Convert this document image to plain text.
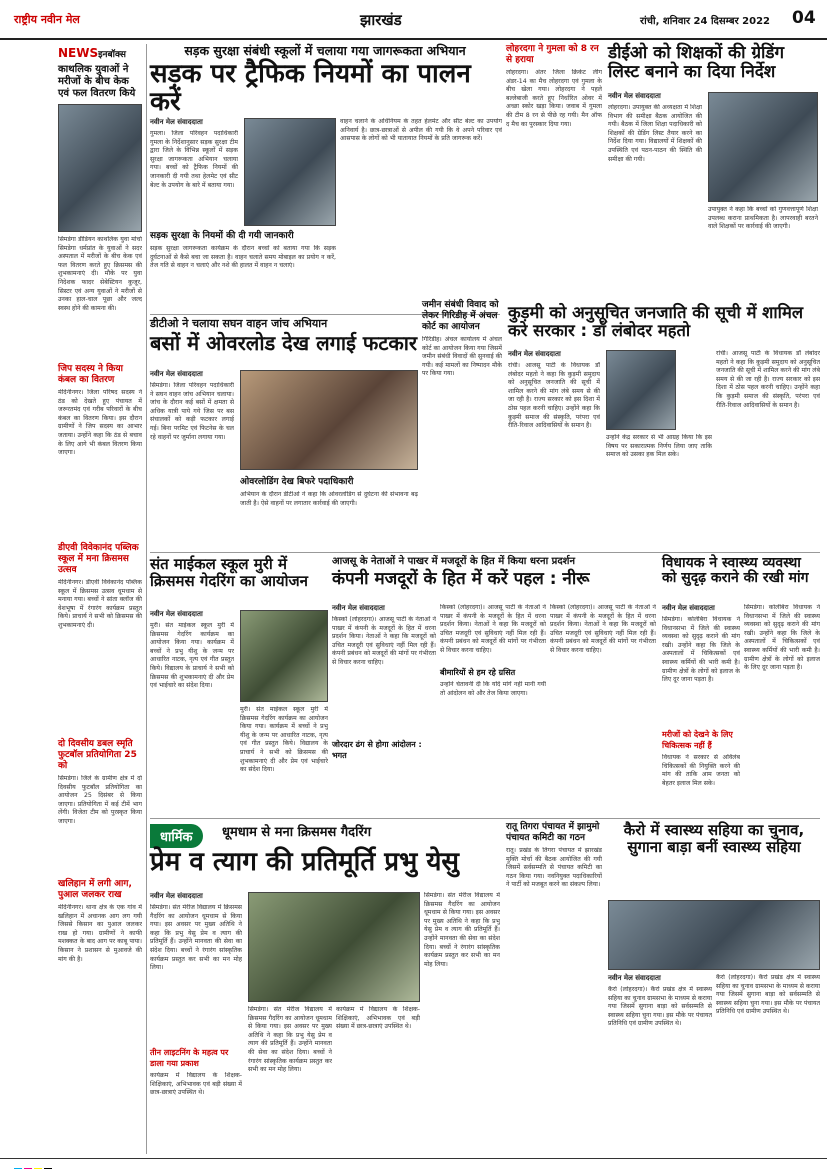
राष्ट्रीय नवीन मेल	झारखंड	रांची, शनिवार 24 दिसम्बर 2022 04
NEWSइनबॉक्स
काथलिक युवाओं ने मरीजों के बीच केक एवं फल वितरण किये
सिमडेगा डीडियन काथलिक युवा मोर्चा सिमडेगा धर्मप्रांत के युवाओं ने सदर अस्पताल में मरीजों के बीच केक एवं फल वितरण करते हुए क्रिसमस की शुभकामनाएं दी। मौके पर युवा निदेशक फादर सेबेस्टियन कुजूर, सिस्टर एवं अन्य युवाओं ने मरीजों से उनका हाल-चाल पूछा और जल्द स्वस्थ होने की कामना की।
जिप सदस्य ने किया कंबल का वितरण
मेदिनीनगर। जिला परिषद सदस्य ने ठंड को देखते हुए पंचायत में जरूरतमंद एवं गरीब परिवारों के बीच कंबल का वितरण किया। इस दौरान ग्रामीणों ने जिप सदस्य का आभार जताया। उन्होंने कहा कि ठंड से बचाव के लिए आगे भी कंबल वितरण किया जाएगा।
डीएवी विवेकानंद पब्लिक स्कूल में मना क्रिसमस उत्सव
मेदिनीनगर। डीएवी विवेकानंद पब्लिक स्कूल में क्रिसमस उत्सव धूमधाम से मनाया गया। बच्चों ने सांता क्लॉज की वेशभूषा में रंगारंग कार्यक्रम प्रस्तुत किये। प्राचार्य ने सभी को क्रिसमस की शुभकामनाएं दी।
दो दिवसीय डबल स्मृति फुटबॉल प्रतियोगिता 25 को
सिमडेगा। जिले के ग्रामीण क्षेत्र में दो दिवसीय फुटबॉल प्रतियोगिता का आयोजन 25 दिसंबर से किया जाएगा। प्रतियोगिता में कई टीमें भाग लेंगी। विजेता टीम को पुरस्कृत किया जाएगा।
खलिहान में लगी आग, पुआल जलकर राख
मेदिनीनगर। थाना क्षेत्र के एक गांव में खलिहान में अचानक आग लग गयी जिससे किसान का पुआल जलकर राख हो गया। ग्रामीणों ने काफी मशक्कत के बाद आग पर काबू पाया। किसान ने प्रशासन से मुआवजे की मांग की है।
सड़क सुरक्षा संबंधी स्कूलों में चलाया गया जागरूकता अभियान
सड़क पर ट्रैफिक नियमों का पालन करें
नवीन मेल संवाददाता
गुमला। जिला परिवहन पदाधिकारी गुमला के निर्देशानुसार सड़क सुरक्षा टीम द्वारा जिले के विभिन्न स्कूलों में सड़क सुरक्षा जागरूकता अभियान चलाया गया। बच्चों को ट्रैफिक नियमों की जानकारी दी गयी तथा हेलमेट एवं सीट बेल्ट के उपयोग के बारे में बताया गया।
सड़क सुरक्षा के नियमों की दी गयी जानकारी
सड़क सुरक्षा जागरूकता कार्यक्रम के दौरान बच्चों को बताया गया कि सड़क दुर्घटनाओं से कैसे बचा जा सकता है। वाहन चलाते समय मोबाइल का प्रयोग न करें, तेज गति से वाहन न चलाएं और नशे की हालत में वाहन न चलाएं।
वाहन चलाने के अधिनियम के तहत हेलमेट और सीट बेल्ट का उपयोग अनिवार्य है। छात्र-छात्राओं से अपील की गयी कि वे अपने परिवार एवं आसपास के लोगों को भी यातायात नियमों के प्रति जागरूक करें।
लोहरदगा ने गुमला को 8 रन से हराया
लोहरदगा। अंतर जिला क्रिकेट लीग अंडर-14 का मैच लोहरदगा एवं गुमला के बीच खेला गया। लोहरदगा ने पहले बल्लेबाजी करते हुए निर्धारित ओवर में अच्छा स्कोर खड़ा किया। जवाब में गुमला की टीम 8 रन से पीछे रह गयी। मैन ऑफ द मैच का पुरस्कार दिया गया।
डीईओ को शिक्षकों की ग्रेडिंग लिस्ट बनाने का दिया निर्देश
नवीन मेल संवाददाता
लोहरदगा। उपायुक्त की अध्यक्षता में शिक्षा विभाग की समीक्षा बैठक आयोजित की गयी। बैठक में जिला शिक्षा पदाधिकारी को शिक्षकों की ग्रेडिंग लिस्ट तैयार करने का निर्देश दिया गया। विद्यालयों में शिक्षकों की उपस्थिति एवं पठन-पाठन की स्थिति की समीक्षा की गयी।
उपायुक्त ने कहा कि बच्चों को गुणवत्तापूर्ण शिक्षा उपलब्ध कराना प्राथमिकता है। लापरवाही बरतने वाले शिक्षकों पर कार्रवाई की जाएगी।
डीटीओ ने चलाया सघन वाहन जांच अभियान
बसों में ओवरलोड देख लगाई फटकार
नवीन मेल संवाददाता
सिमडेगा। जिला परिवहन पदाधिकारी ने सघन वाहन जांच अभियान चलाया। जांच के दौरान कई बसों में क्षमता से अधिक यात्री पाये गये जिस पर बस संचालकों को कड़ी फटकार लगाई गई। बिना परमिट एवं फिटनेस के चल रहे वाहनों पर जुर्माना लगाया गया।
ओवरलोडिंग देख बिफरे पदाधिकारी
अभियान के दौरान डीटीओ ने कहा कि ओवरलोडिंग से दुर्घटना की संभावना बढ़ जाती है। ऐसे वाहनों पर लगातार कार्रवाई की जाएगी।
जमीन संबंधी विवाद को लेकर गिरिडीह में अंचल कोर्ट का आयोजन
गिरिडीह। अंचल कार्यालय में अंचल कोर्ट का आयोजन किया गया जिसमें जमीन संबंधी विवादों की सुनवाई की गयी। कई मामलों का निष्पादन मौके पर किया गया।
कुड़मी को अनुसूचित जनजाति की सूची में शामिल करे सरकार : डॉ लंबोदर महतो
नवीन मेल संवाददाता
रांची। आजसू पार्टी के विधायक डॉ लंबोदर महतो ने कहा कि कुड़मी समुदाय को अनुसूचित जनजाति की सूची में शामिल करने की मांग लंबे समय से की जा रही है। राज्य सरकार को इस दिशा में ठोस पहल करनी चाहिए। उन्होंने कहा कि कुड़मी समाज की संस्कृति, परंपरा एवं रीति-रिवाज आदिवासियों के समान है।
उन्होंने केंद्र सरकार से भी आग्रह किया कि इस विषय पर सकारात्मक निर्णय लिया जाए ताकि समाज को उसका हक मिल सके।
रांची। आजसू पार्टी के विधायक डॉ लंबोदर महतो ने कहा कि कुड़मी समुदाय को अनुसूचित जनजाति की सूची में शामिल करने की मांग लंबे समय से की जा रही है। राज्य सरकार को इस दिशा में ठोस पहल करनी चाहिए। उन्होंने कहा कि कुड़मी समाज की संस्कृति, परंपरा एवं रीति-रिवाज आदिवासियों के समान है।
संत माईकल स्कूल मुरी में क्रिसमस गेदरिंग का आयोजन
नवीन मेल संवाददाता
मुरी। संत माईकल स्कूल मुरी में क्रिसमस गेदरिंग कार्यक्रम का आयोजन किया गया। कार्यक्रम में बच्चों ने प्रभु यीशु के जन्म पर आधारित नाटक, नृत्य एवं गीत प्रस्तुत किये। विद्यालय के प्राचार्य ने सभी को क्रिसमस की शुभकामनाएं दी और प्रेम एवं भाईचारे का संदेश दिया।
मुरी। संत माईकल स्कूल मुरी में क्रिसमस गेदरिंग कार्यक्रम का आयोजन किया गया। कार्यक्रम में बच्चों ने प्रभु यीशु के जन्म पर आधारित नाटक, नृत्य एवं गीत प्रस्तुत किये। विद्यालय के प्राचार्य ने सभी को क्रिसमस की शुभकामनाएं दी और प्रेम एवं भाईचारे का संदेश दिया।
आजसू के नेताओं ने पाखर में मजदूरों के हित में किया धरना प्रदर्शन
कंपनी मजदूरों के हित में करें पहल : नीरू
नवीन मेल संवाददाता
किस्को (लोहरदगा)। आजसू पार्टी के नेताओं ने पाखर में कंपनी के मजदूरों के हित में धरना प्रदर्शन किया। नेताओं ने कहा कि मजदूरों को उचित मजदूरी एवं सुविधाएं नहीं मिल रही हैं। कंपनी प्रबंधन को मजदूरों की मांगों पर गंभीरता से विचार करना चाहिए।
जोरदार ढंग से होगा आंदोलन : भगत
किस्को (लोहरदगा)। आजसू पार्टी के नेताओं ने पाखर में कंपनी के मजदूरों के हित में धरना प्रदर्शन किया। नेताओं ने कहा कि मजदूरों को उचित मजदूरी एवं सुविधाएं नहीं मिल रही हैं। कंपनी प्रबंधन को मजदूरों की मांगों पर गंभीरता से विचार करना चाहिए।
बीमारियों से हम रहे ग्रसित
उन्होंने चेतावनी दी कि यदि मांगें नहीं मानी गयीं तो आंदोलन को और तेज किया जाएगा।
किस्को (लोहरदगा)। आजसू पार्टी के नेताओं ने पाखर में कंपनी के मजदूरों के हित में धरना प्रदर्शन किया। नेताओं ने कहा कि मजदूरों को उचित मजदूरी एवं सुविधाएं नहीं मिल रही हैं। कंपनी प्रबंधन को मजदूरों की मांगों पर गंभीरता से विचार करना चाहिए।
विधायक ने स्वास्थ्य व्यवस्था को सुदृढ़ कराने की रखी मांग
नवीन मेल संवाददाता
सिमडेगा। कोलेबिरा विधायक ने विधानसभा में जिले की स्वास्थ्य व्यवस्था को सुदृढ़ कराने की मांग रखी। उन्होंने कहा कि जिले के अस्पतालों में चिकित्सकों एवं स्वास्थ्य कर्मियों की भारी कमी है। ग्रामीण क्षेत्रों के लोगों को इलाज के लिए दूर जाना पड़ता है।
मरीजों को देखने के लिए चिकित्सक नहीं हैं
विधायक ने सरकार से अविलंब चिकित्सकों की नियुक्ति करने की मांग की ताकि आम जनता को बेहतर इलाज मिल सके।
सिमडेगा। कोलेबिरा विधायक ने विधानसभा में जिले की स्वास्थ्य व्यवस्था को सुदृढ़ कराने की मांग रखी। उन्होंने कहा कि जिले के अस्पतालों में चिकित्सकों एवं स्वास्थ्य कर्मियों की भारी कमी है। ग्रामीण क्षेत्रों के लोगों को इलाज के लिए दूर जाना पड़ता है।
धार्मिक	धूमधाम से मना क्रिसमस गैदरिंग
प्रेम व त्याग की प्रतिमूर्ति प्रभु येसु
नवीन मेल संवाददाता
सिमडेगा। संत मेरीज विद्यालय में क्रिसमस गैदरिंग का आयोजन धूमधाम से किया गया। इस अवसर पर मुख्य अतिथि ने कहा कि प्रभु येसु प्रेम व त्याग की प्रतिमूर्ति हैं। उन्होंने मानवता की सेवा का संदेश दिया। बच्चों ने रंगारंग सांस्कृतिक कार्यक्रम प्रस्तुत कर सभी का मन मोह लिया।
तीन लाइटनिंग के महत्व पर डाला गया प्रकाश
कार्यक्रम में विद्यालय के शिक्षक-शिक्षिकाएं, अभिभावक एवं बड़ी संख्या में छात्र-छात्राएं उपस्थित थे।
सिमडेगा। संत मेरीज विद्यालय में क्रिसमस गैदरिंग का आयोजन धूमधाम से किया गया। इस अवसर पर मुख्य अतिथि ने कहा कि प्रभु येसु प्रेम व त्याग की प्रतिमूर्ति हैं। उन्होंने मानवता की सेवा का संदेश दिया। बच्चों ने रंगारंग सांस्कृतिक कार्यक्रम प्रस्तुत कर सभी का मन मोह लिया।
कार्यक्रम में विद्यालय के शिक्षक-शिक्षिकाएं, अभिभावक एवं बड़ी संख्या में छात्र-छात्राएं उपस्थित थे।
सिमडेगा। संत मेरीज विद्यालय में क्रिसमस गैदरिंग का आयोजन धूमधाम से किया गया। इस अवसर पर मुख्य अतिथि ने कहा कि प्रभु येसु प्रेम व त्याग की प्रतिमूर्ति हैं। उन्होंने मानवता की सेवा का संदेश दिया। बच्चों ने रंगारंग सांस्कृतिक कार्यक्रम प्रस्तुत कर सभी का मन मोह लिया।
रातू तिगरा पंचायत में झामुमो पंचायत कमिटी का गठन
रातू। प्रखंड के तिगरा पंचायत में झारखंड मुक्ति मोर्चा की बैठक आयोजित की गयी जिसमें सर्वसम्मति से पंचायत कमिटी का गठन किया गया। नवनियुक्त पदाधिकारियों ने पार्टी को मजबूत करने का संकल्प लिया।
कैरो में स्वास्थ्य सहिया का चुनाव, सुगाना बाड़ा बनीं स्वास्थ्य सहिया
नवीन मेल संवाददाता
कैरो (लोहरदगा)। कैरो प्रखंड क्षेत्र में स्वास्थ्य सहिया का चुनाव ग्रामसभा के माध्यम से कराया गया जिसमें सुगाना बाड़ा को सर्वसम्मति से स्वास्थ्य सहिया चुना गया। इस मौके पर पंचायत प्रतिनिधि एवं ग्रामीण उपस्थित थे।
कैरो (लोहरदगा)। कैरो प्रखंड क्षेत्र में स्वास्थ्य सहिया का चुनाव ग्रामसभा के माध्यम से कराया गया जिसमें सुगाना बाड़ा को सर्वसम्मति से स्वास्थ्य सहिया चुना गया। इस मौके पर पंचायत प्रतिनिधि एवं ग्रामीण उपस्थित थे।
